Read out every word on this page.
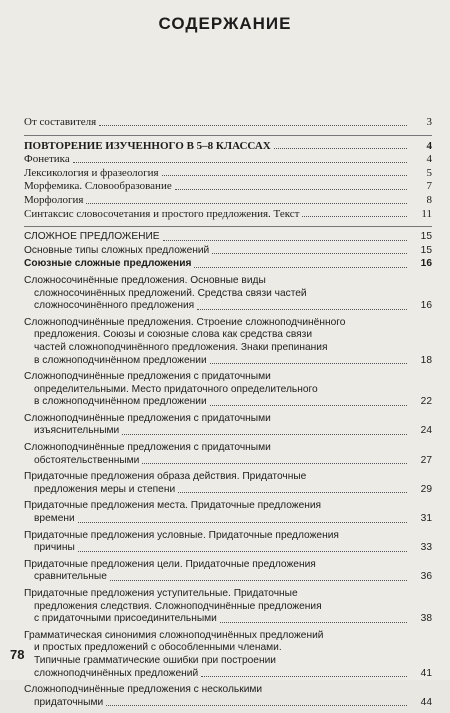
СОДЕРЖАНИЕ
От составителя	3
ПОВТОРЕНИЕ ИЗУЧЕННОГО В 5–8 КЛАССАХ	4
Фонетика	4
Лексикология и фразеология	5
Морфемика. Словообразование	7
Морфология	8
Синтаксис словосочетания и простого предложения. Текст	11
СЛОЖНОЕ ПРЕДЛОЖЕНИЕ	15
Основные типы сложных предложений	15
Союзные сложные предложения	16
Сложносочинённые предложения. Основные виды
сложносочинённых предложений. Средства связи частей
сложносочинённого предложения	16
Сложноподчинённые предложения. Строение сложноподчинённого
предложения. Союзы и союзные слова как средства связи
частей сложноподчинённого предложения. Знаки препинания
в сложноподчинённом предложении	18
Сложноподчинённые предложения с придаточными
определительными. Место придаточного определительного
в сложноподчинённом предложении	22
Сложноподчинённые предложения с придаточными
изъяснительными	24
Сложноподчинённые предложения с придаточными
обстоятельственными	27
Придаточные предложения образа действия. Придаточные
предложения меры и степени	29
Придаточные предложения места. Придаточные предложения
времени	31
Придаточные предложения условные. Придаточные предложения
причины	33
Придаточные предложения цели. Придаточные предложения
сравнительные	36
Придаточные предложения уступительные. Придаточные
предложения следствия. Сложноподчинённые предложения
с придаточными присоединительными	38
Грамматическая синонимия сложноподчинённых предложений
и простых предложений с обособленными членами.
Типичные грамматические ошибки при построении
сложноподчинённых предложений	41
Сложноподчинённые предложения с несколькими
придаточными	44
78
